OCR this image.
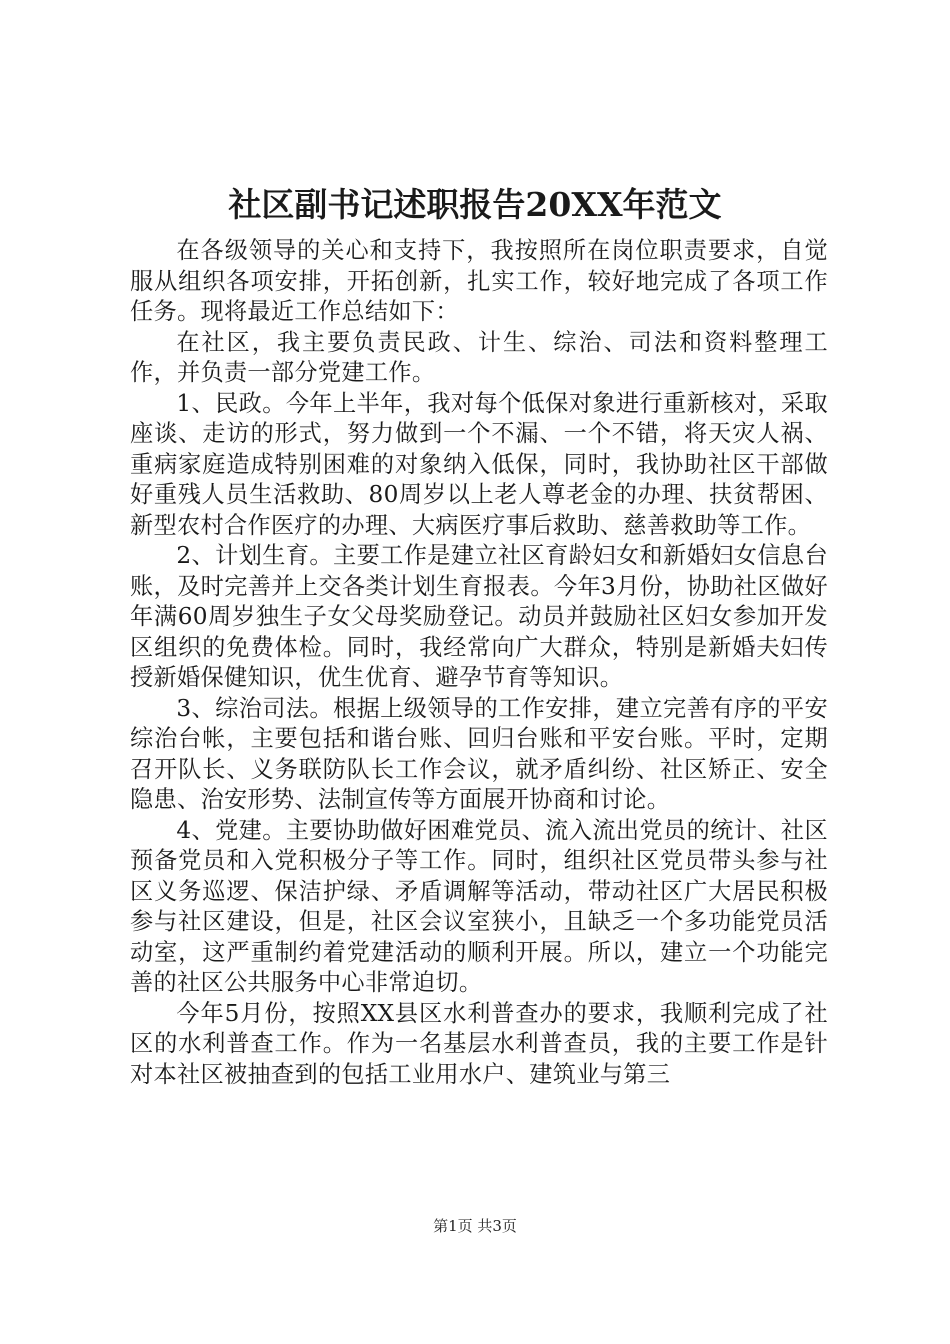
社区副书记述职报告20XX年范文

在各级领导的关心和支持下，我按照所在岗位职责要求，自觉服从组织各项安排，开拓创新，扎实工作，较好地完成了各项工作任务。现将最近工作总结如下：

在社区，我主要负责民政、计生、综治、司法和资料整理工作，并负责一部分党建工作。

1、民政。今年上半年，我对每个低保对象进行重新核对，采取座谈、走访的形式，努力做到一个不漏、一个不错，将天灾人祸、重病家庭造成特别困难的对象纳入低保，同时，我协助社区干部做好重残人员生活救助、80周岁以上老人尊老金的办理、扶贫帮困、新型农村合作医疗的办理、大病医疗事后救助、慈善救助等工作。

2、计划生育。主要工作是建立社区育龄妇女和新婚妇女信息台账，及时完善并上交各类计划生育报表。今年3月份，协助社区做好年满60周岁独生子女父母奖励登记。动员并鼓励社区妇女参加开发区组织的免费体检。同时，我经常向广大群众，特别是新婚夫妇传授新婚保健知识，优生优育、避孕节育等知识。

3、综治司法。根据上级领导的工作安排，建立完善有序的平安综治台帐，主要包括和谐台账、回归台账和平安台账。平时，定期召开队长、义务联防队长工作会议，就矛盾纠纷、社区矫正、安全隐患、治安形势、法制宣传等方面展开协商和讨论。

4、党建。主要协助做好困难党员、流入流出党员的统计、社区预备党员和入党积极分子等工作。同时，组织社区党员带头参与社区义务巡逻、保洁护绿、矛盾调解等活动，带动社区广大居民积极参与社区建设，但是，社区会议室狭小，且缺乏一个多功能党员活动室，这严重制约着党建活动的顺利开展。所以，建立一个功能完善的社区公共服务中心非常迫切。

今年5月份，按照XX县区水利普查办的要求，我顺利完成了社区的水利普查工作。作为一名基层水利普查员，我的主要工作是针对本社区被抽查到的包括工业用水户、建筑业与第三

第1页 共3页
